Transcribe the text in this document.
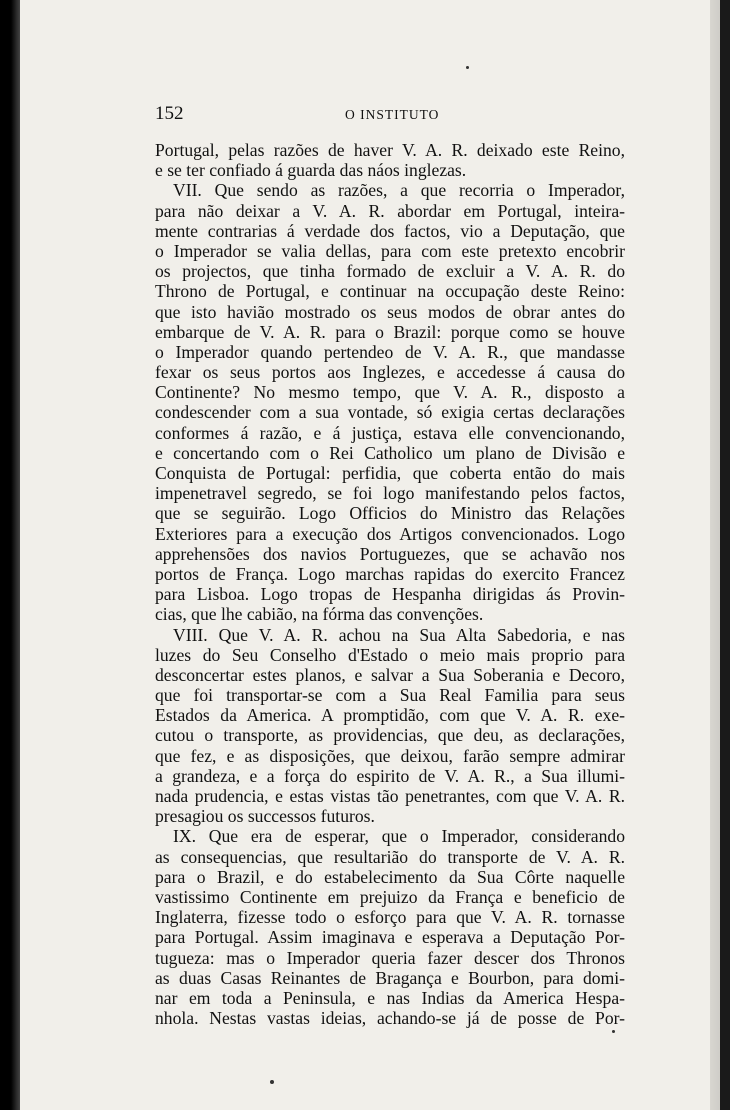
152	O INSTITUTO
Portugal, pelas razões de haver V. A. R. deixado este Reino,
e se ter confiado á guarda das náos inglezas.
VII. Que sendo as razões, a que recorria o Imperador,
para não deixar a V. A. R. abordar em Portugal, inteira-
mente contrarias á verdade dos factos, vio a Deputação, que
o Imperador se valia dellas, para com este pretexto encobrir
os projectos, que tinha formado de excluir a V. A. R. do
Throno de Portugal, e continuar na occupação deste Reino:
que isto havião mostrado os seus modos de obrar antes do
embarque de V. A. R. para o Brazil: porque como se houve
o Imperador quando pertendeo de V. A. R., que mandasse
fexar os seus portos aos Inglezes, e accedesse á causa do
Continente? No mesmo tempo, que V. A. R., disposto a
condescender com a sua vontade, só exigia certas declarações
conformes á razão, e á justiça, estava elle convencionando,
e concertando com o Rei Catholico um plano de Divisão e
Conquista de Portugal: perfidia, que coberta então do mais
impenetravel segredo, se foi logo manifestando pelos factos,
que se seguirão. Logo Officios do Ministro das Relações
Exteriores para a execução dos Artigos convencionados. Logo
apprehensões dos navios Portuguezes, que se achavão nos
portos de França. Logo marchas rapidas do exercito Francez
para Lisboa. Logo tropas de Hespanha dirigidas ás Provin-
cias, que lhe cabião, na fórma das convenções.
VIII. Que V. A. R. achou na Sua Alta Sabedoria, e nas
luzes do Seu Conselho d'Estado o meio mais proprio para
desconcertar estes planos, e salvar a Sua Soberania e Decoro,
que foi transportar-se com a Sua Real Familia para seus
Estados da America. A promptidão, com que V. A. R. exe-
cutou o transporte, as providencias, que deu, as declarações,
que fez, e as disposições, que deixou, farão sempre admirar
a grandeza, e a força do espirito de V. A. R., a Sua illumi-
nada prudencia, e estas vistas tão penetrantes, com que V. A. R.
presagiou os successos futuros.
IX. Que era de esperar, que o Imperador, considerando
as consequencias, que resultarião do transporte de V. A. R.
para o Brazil, e do estabelecimento da Sua Côrte naquelle
vastissimo Continente em prejuizo da França e beneficio de
Inglaterra, fizesse todo o esforço para que V. A. R. tornasse
para Portugal. Assim imaginava e esperava a Deputação Por-
tugueza: mas o Imperador queria fazer descer dos Thronos
as duas Casas Reinantes de Bragança e Bourbon, para domi-
nar em toda a Peninsula, e nas Indias da America Hespa-
nhola. Nestas vastas ideias, achando-se já de posse de Por-
